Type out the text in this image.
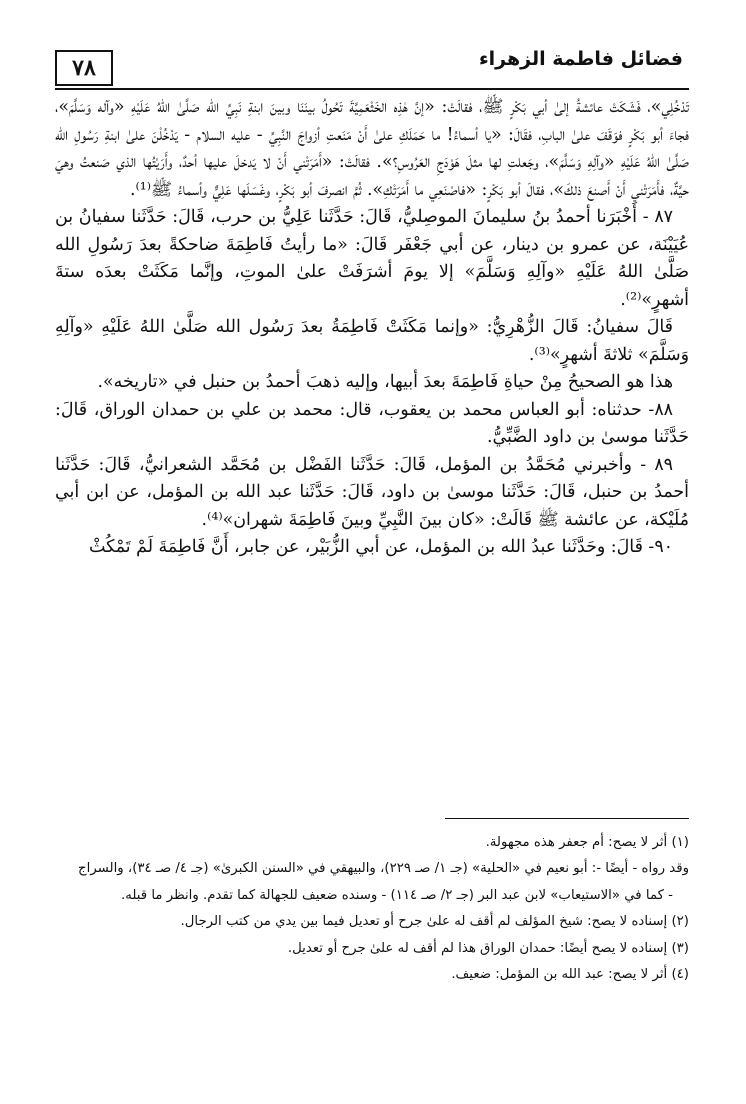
٧٨	فضائل فاطمة الزهراء

تَدْخُلِي»، فَشَكَتْ عائشةُ إلىٰ أبي بَكْرٍ ﷺ، فقالَتْ: «إنَّ هٰذِه الخَثْعَمِيَّةَ تَحُولُ بينَنَا وبينَ ابنةِ نَبِيِّ الله صَلَّىٰ اللهُ عَلَيْهِ «وآله وَسَلَّمَ»، فجاءَ أبو بَكْرٍ فوَقَفَ علىٰ البابِ، فقَالَ: «يا أسماءُ! ما حَمَلَكِ علىٰ أَنْ مَنَعتِ أزواجَ النَّبِيِّ - عليه السلام - يَدْخُلْنَ علىٰ ابنةِ رَسُولِ الله صَلَّىٰ اللهُ عَلَيْهِ «وآلِهِ وَسَلَّمَ»، وجَعلتِ لها مثلَ هَوْدَجِ العَرُوسِ؟». فقالَتْ: «أَمَرَتْني أَنْ لا يَدخلَ عليها أحدٌ، وأَرَيْتُها الذي صَنعتُ وهيَ حيَّةٌ، فأَمَرَتْني أَنْ أَصنعَ ذلكَ»، فقالَ أبو بَكْرٍ: «فاصْنَعِي ما أَمَرَتْكِ». ثُمَّ انصرفَ أبو بَكْرٍ، وغَسَلَها عَلِيٌّ وأسماءُ ﷺ⁽¹⁾.

٨٧ - أَخْبَرَنا أحمدُ بنُ سليمانَ الموصِليُّ، قَالَ: حَدَّثَنا عَلِيُّ بن حرب، قَالَ: حَدَّثَنا سفيانُ بن عُيَيْنَة، عن عمرو بن دينار، عن أبي جَعْفَر قَالَ: «ما رأيتُ فَاطِمَةَ ضاحكةً بعدَ رَسُولِ الله صَلَّىٰ اللهُ عَلَيْهِ «وآلِهِ وَسَلَّمَ» إلا يومَ أشرَفَتْ علىٰ الموتِ، وإنَّما مَكَثَتْ بعدَه ستةَ أشهرٍ»⁽²⁾.

قَالَ سفيانُ: قَالَ الزُّهْرِيُّ: «وإنما مَكَثَتْ فَاطِمَةُ بعدَ رَسُول الله صَلَّىٰ اللهُ عَلَيْهِ «وآلِهِ وَسَلَّمَ» ثلاثةَ أشهرٍ»⁽³⁾.

هذا هو الصحيحُ مِنْ حياةِ فَاطِمَةَ بعدَ أبيها، وإليه ذهبَ أحمدُ بن حنبل في «تاريخه».

٨٨- حدثناه: أبو العباس محمد بن يعقوب، قال: محمد بن علي بن حمدان الوراق، قَالَ: حَدَّثَنا موسىٰ بن داود الضَّبِّيُّ.

٨٩ - وأخبرني مُحَمَّدُ بن المؤمل، قَالَ: حَدَّثَنا الفَضْل بن مُحَمَّد الشعرانيُّ، قَالَ: حَدَّثَنا أحمدُ بن حنبل، قَالَ: حَدَّثَنا موسىٰ بن داود، قَالَ: حَدَّثَنا عبد الله بن المؤمل، عن ابن أبي مُلَيْكة، عن عائشة ﷺ قَالَتْ: «كان بينَ النَّبِيِّ وبينَ فَاطِمَةَ شهران»⁽⁴⁾.

٩٠- قَالَ: وحَدَّثَنا عبدُ الله بن المؤمل، عن أبي الزُّبَيْر، عن جابر، أَنَّ فَاطِمَةَ لَمْ تَمْكُثْ

(١) أثر لا يصح: أم جعفر هذه مجهولة.

وقد رواه - أيضًا -: أبو نعيم في «الحلية» (جـ ١/ صـ ٢٢٩)، والبيهقي في «السنن الكبرىٰ» (جـ ٤/ صـ ٣٤)، والسراج

- كما في «الاستيعاب» لابن عبد البر (جـ ٢/ صـ ١١٤) - وسنده ضعيف للجهالة كما تقدم. وانظر ما قبله.

(٢) إسناده لا يصح: شيخ المؤلف لم أقف له علىٰ جرح أو تعديل فيما بين يدي من كتب الرجال.

(٣) إسناده لا يصح أيضًا: حمدان الوراق هذا لم أقف له علىٰ جرح أو تعديل.

(٤) أثر لا يصح: عبد الله بن المؤمل: ضعيف.
